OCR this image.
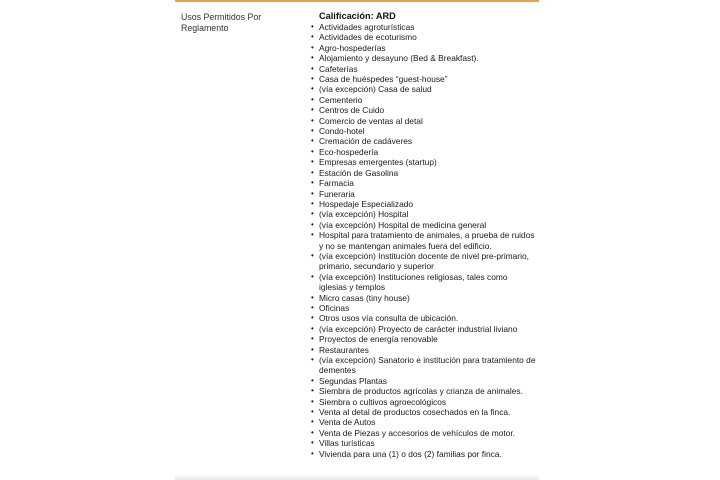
Usos Permitidos Por Reglamento
Calificación: ARD
• Actividades agroturísticas
• Actividades de ecoturismo
• Agro-hospederías
• Alojamiento y desayuno (Bed & Breakfast).
• Cafeterías
• Casa de huéspedes “guest-house”
• (vía excepción) Casa de salud
• Cementerio
• Centros de Cuido
• Comercio de ventas al detal
• Condo-hotel
• Cremación de cadáveres
• Eco-hospedería
• Empresas emergentes (startup)
• Estación de Gasolina
• Farmacia
• Funeraria
• Hospedaje Especializado
• (vía excepción) Hospital
• (vía excepción) Hospital de medicina general
• Hospital para tratamiento de animales, a prueba de ruidos y no se mantengan animales fuera del edificio.
• (vía excepción) Institución docente de nivel pre-primario, primario, secundario y superior
• (vía excepción) Instituciones religiosas, tales como iglesias y templos
• Micro casas (tiny house)
• Oficinas
• Otros usos vía consulta de ubicación.
• (vía excepción) Proyecto de carácter industrial liviano
• Proyectos de energía renovable
• Restaurantes
• (vía excepción) Sanatorio e institución para tratamiento de dementes
• Segundas Plantas
• Siembra de productos agrícolas y crianza de animales.
• Siembra o cultivos agroecológicos
• Venta al detal de productos cosechados en la finca.
• Venta de Autos
• Venta de Piezas y accesorios de vehículos de motor.
• Villas turísticas
• Vivienda para una (1) o dos (2) familias por finca.
